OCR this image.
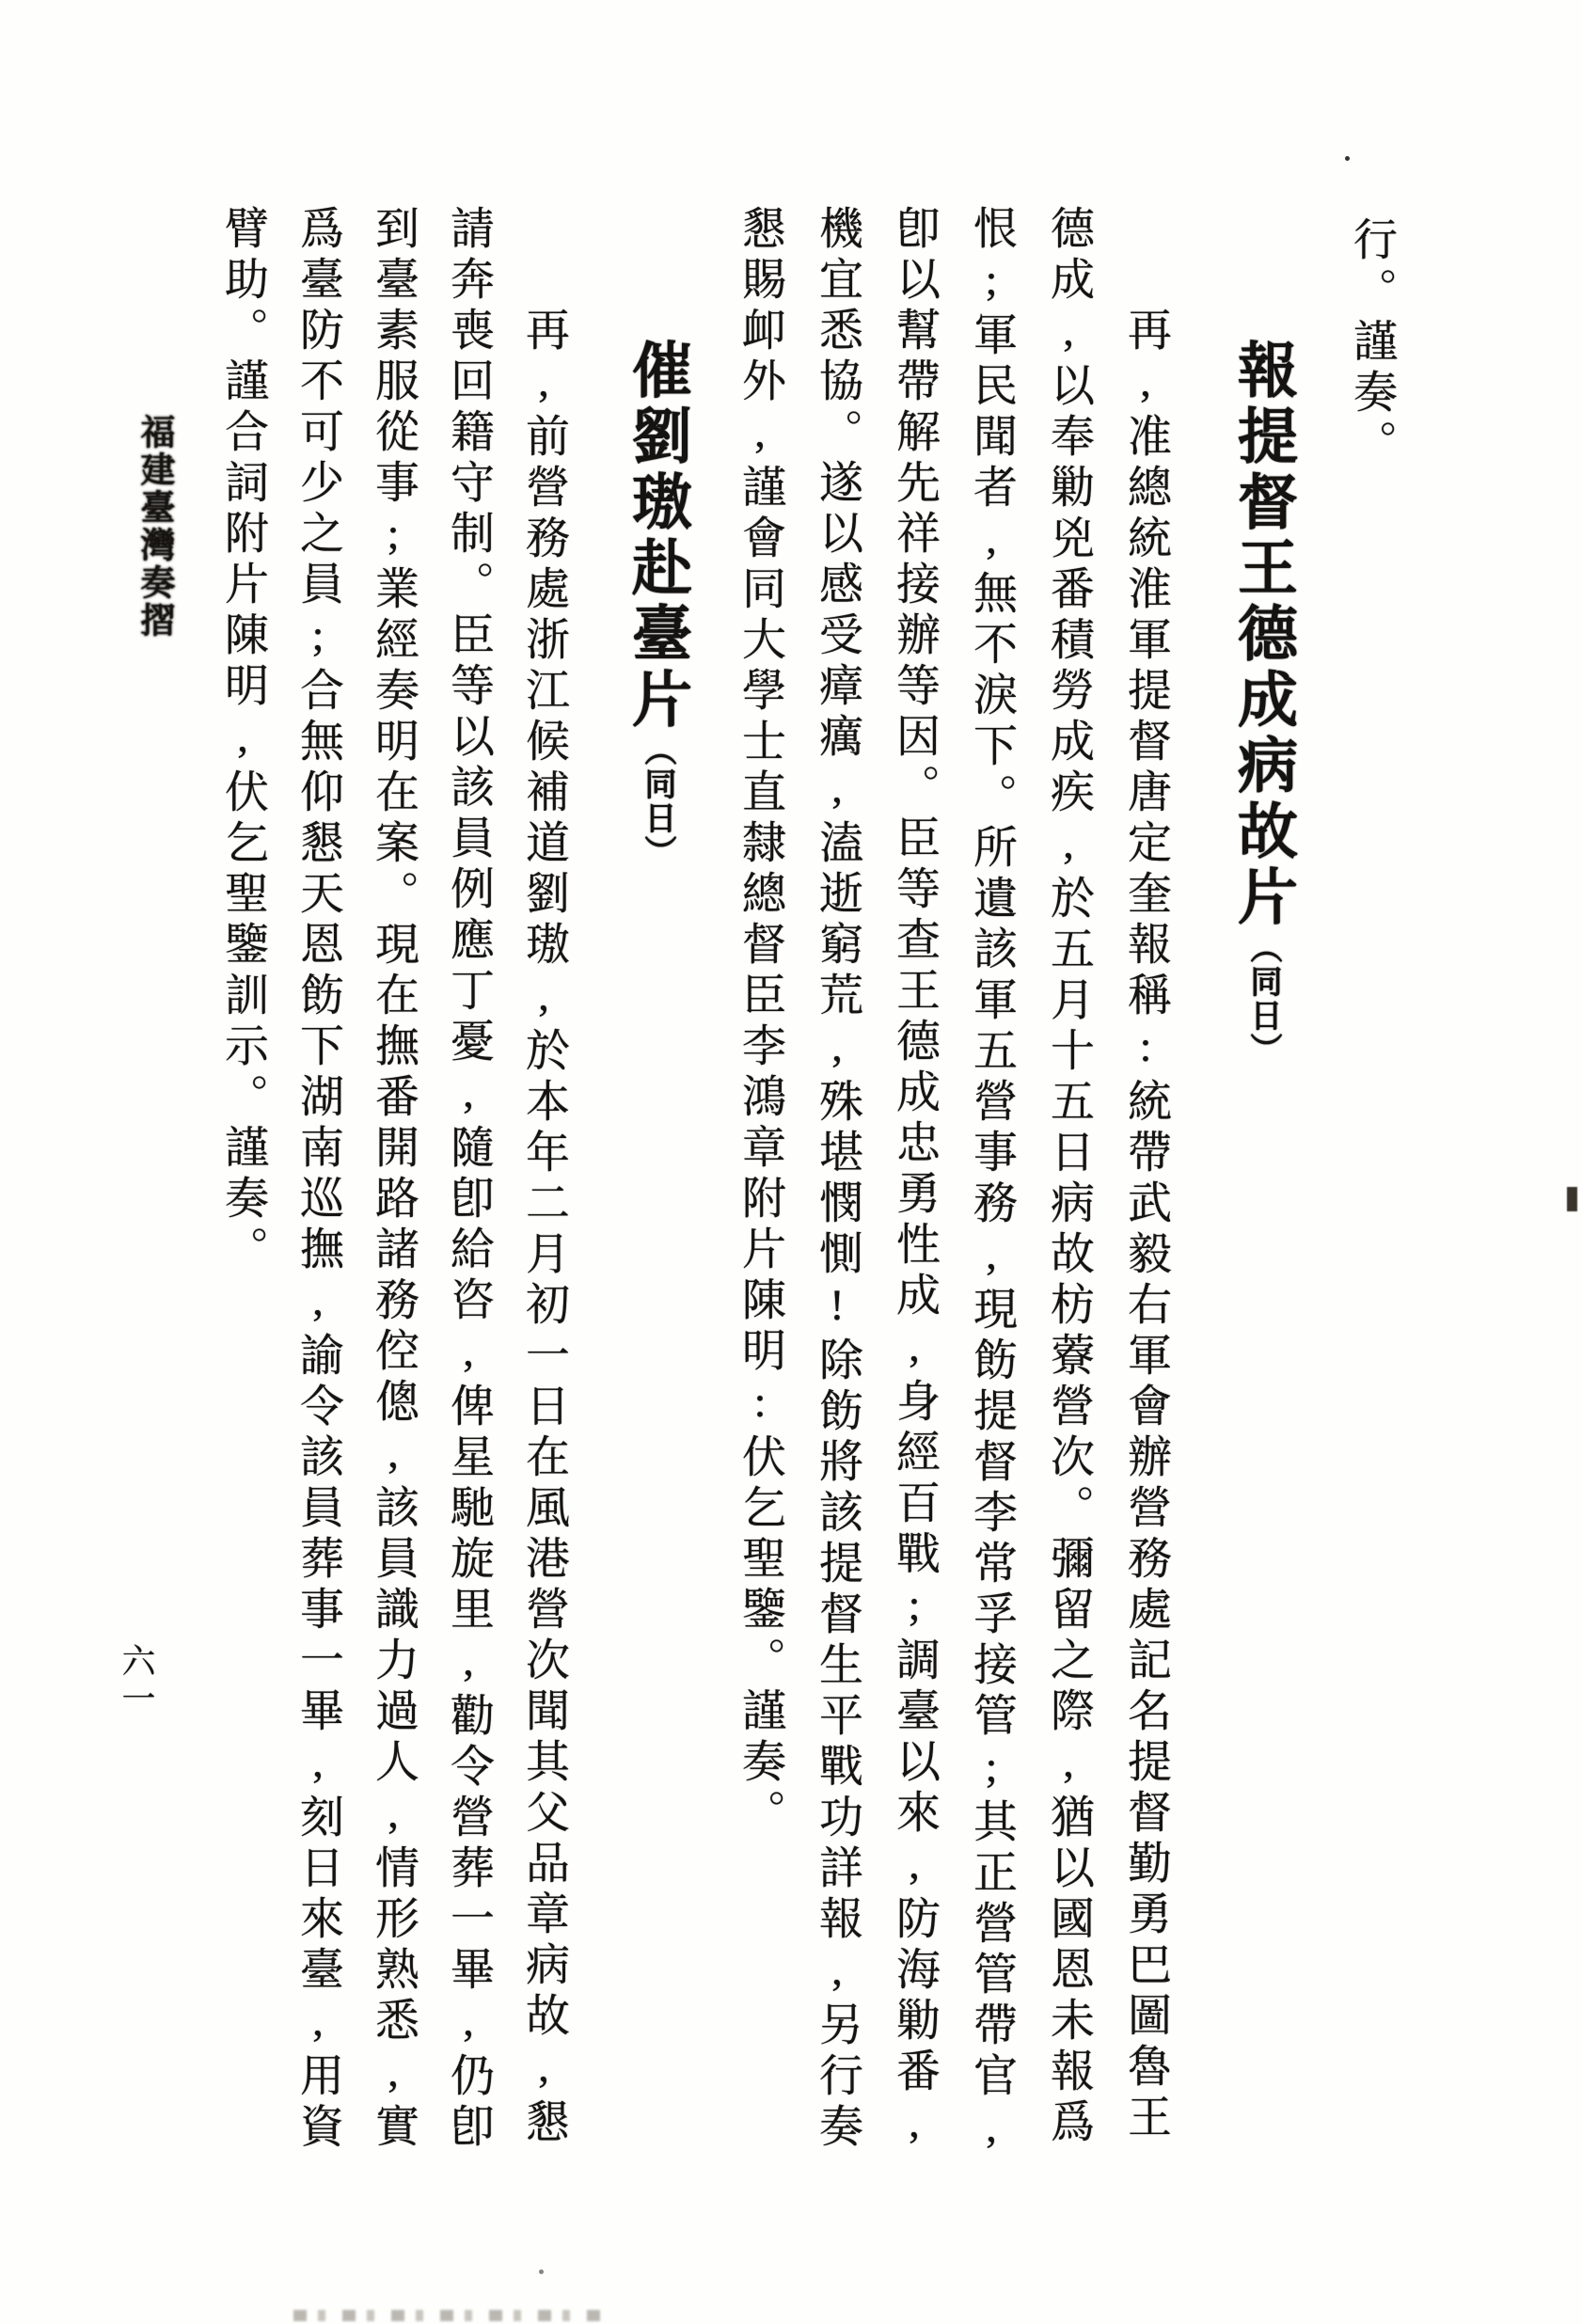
行。謹奏。
報提督王德成病故片︵同日︶
再,准總統淮軍提督唐定奎報稱:統帶武毅右軍會辦營務處記名提督勤勇巴圖魯王
德成,以奉勦兇番積勞成疾,於五月十五日病故枋藔營次。彌留之際,猶以國恩未報爲
恨;軍民聞者,無不淚下。所遺該軍五營事務,現飭提督李常孚接管;其正營管帶官,
卽以幫帶解先祥接辦等因。臣等查王德成忠勇性成,身經百戰;調臺以來,防海勦番,
機宜悉協。遂以感受瘴癘,溘逝窮荒,殊堪憫惻!除飭將該提督生平戰功詳報,另行奏
懇賜卹外,謹會同大學士直隸總督臣李鴻章附片陳明:伏乞聖鑒。謹奏。
催劉璈赴臺片︵同日︶
再,前營務處浙江候補道劉璈,於本年二月初一日在風港營次聞其父品章病故,懇
請奔喪回籍守制。臣等以該員例應丁憂,隨卽給咨,俾星馳旋里,勸令營葬一畢,仍卽
到臺素服從事;業經奏明在案。現在撫番開路諸務倥傯,該員識力過人,情形熟悉,實
爲臺防不可少之員;合無仰懇天恩飭下湖南巡撫,諭令該員葬事一畢,刻日來臺,用資
臂助。謹合詞附片陳明,伏乞聖鑒訓示。謹奏。
福建臺灣奏摺
六一
